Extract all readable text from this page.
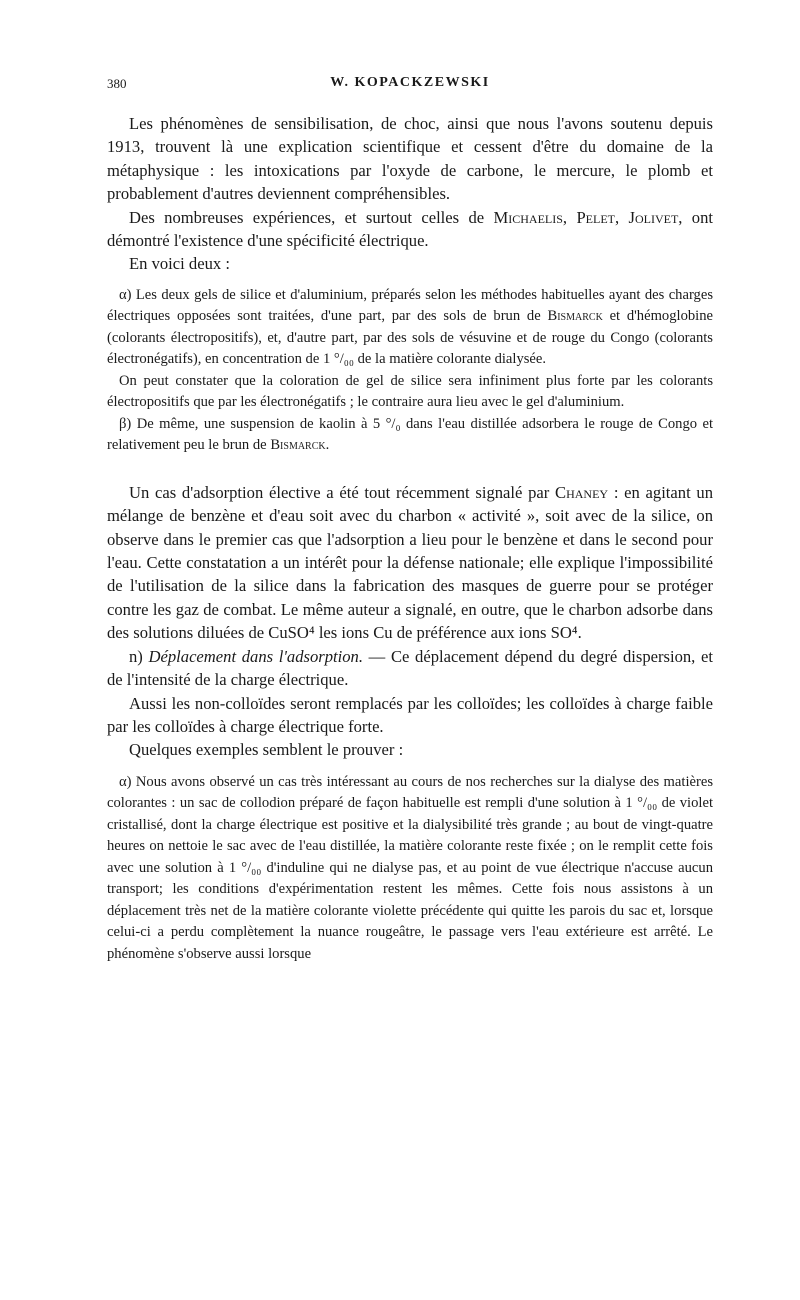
380	W. KOPACKZEWSKI

Les phénomènes de sensibilisation, de choc, ainsi que nous l'avons soutenu depuis 1913, trouvent là une explication scientifique et cessent d'être du domaine de la métaphysique : les intoxications par l'oxyde de carbone, le mercure, le plomb et probablement d'autres deviennent compréhensibles.

Des nombreuses expériences, et surtout celles de Michaelis, Pelet, Jolivet, ont démontré l'existence d'une spécificité électrique.

En voici deux :

α) Les deux gels de silice et d'aluminium, préparés selon les méthodes habituelles ayant des charges électriques opposées sont traitées, d'une part, par des sols de brun de Bismarck et d'hémoglobine (colorants électropositifs), et, d'autre part, par des sols de vésuvine et de rouge du Congo (colorants électronégatifs), en concentration de 1 °/₀₀ de la matière colorante dialysée.

On peut constater que la coloration de gel de silice sera infiniment plus forte par les colorants électropositifs que par les électronégatifs ; le contraire aura lieu avec le gel d'aluminium.

β) De même, une suspension de kaolin à 5 °/₀ dans l'eau distillée adsorbera le rouge de Congo et relativement peu le brun de Bismarck.

Un cas d'adsorption élective a été tout récemment signalé par Chaney : en agitant un mélange de benzène et d'eau soit avec du charbon « activité », soit avec de la silice, on observe dans le premier cas que l'adsorption a lieu pour le benzène et dans le second pour l'eau. Cette constatation a un intérêt pour la défense nationale; elle explique l'impossibilité de l'utilisation de la silice dans la fabrication des masques de guerre pour se protéger contre les gaz de combat. Le même auteur a signalé, en outre, que le charbon adsorbe dans des solutions diluées de CuSO⁴ les ions Cu de préférence aux ions SO⁴.

n) Déplacement dans l'adsorption. — Ce déplacement dépend du degré dispersion, et de l'intensité de la charge électrique.

Aussi les non-colloïdes seront remplacés par les colloïdes; les colloïdes à charge faible par les colloïdes à charge électrique forte.

Quelques exemples semblent le prouver :

α) Nous avons observé un cas très intéressant au cours de nos recherches sur la dialyse des matières colorantes : un sac de collodion préparé de façon habituelle est rempli d'une solution à 1 °/₀₀ de violet cristallisé, dont la charge électrique est positive et la dialysibilité très grande ; au bout de vingt-quatre heures on nettoie le sac avec de l'eau distillée, la matière colorante reste fixée ; on le remplit cette fois avec une solution à 1 °/₀₀ d'induline qui ne dialyse pas, et au point de vue électrique n'accuse aucun transport; les conditions d'expérimentation restent les mêmes. Cette fois nous assistons à un déplacement très net de la matière colorante violette précédente qui quitte les parois du sac et, lorsque celui-ci a perdu complètement la nuance rougeâtre, le passage vers l'eau extérieure est arrêté. Le phénomène s'observe aussi lorsque
